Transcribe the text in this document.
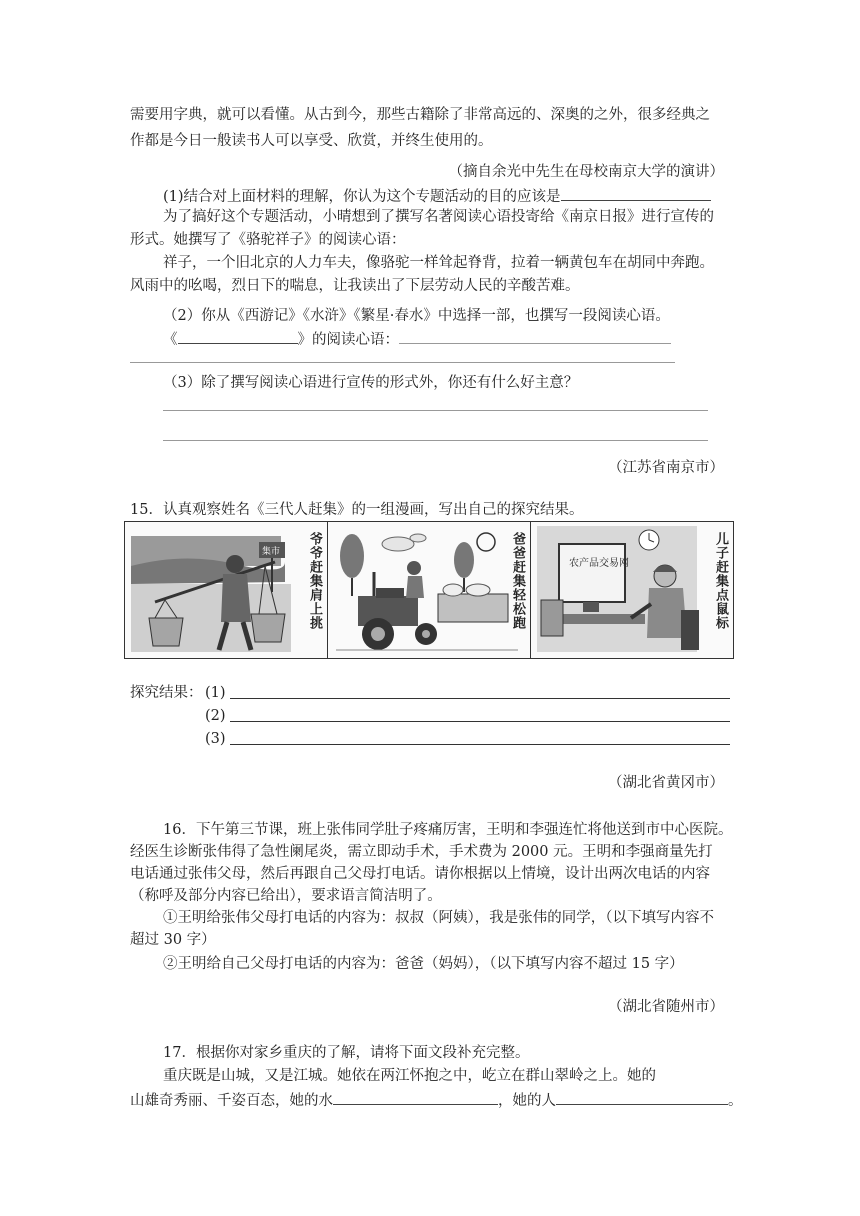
需要用字典，就可以看懂。从古到今，那些古籍除了非常高远的、深奥的之外，很多经典之
作都是今日一般读书人可以享受、欣赏，并终生使用的。
（摘自余光中先生在母校南京大学的演讲）
(1)结合对上面材料的理解，你认为这个专题活动的目的应该是
为了搞好这个专题活动，小晴想到了撰写名著阅读心语投寄给《南京日报》进行宣传的
形式。她撰写了《骆驼祥子》的阅读心语：
祥子，一个旧北京的人力车夫，像骆驼一样耸起脊背，拉着一辆黄包车在胡同中奔跑。
风雨中的吆喝，烈日下的喘息，让我读出了下层劳动人民的辛酸苦难。
（2）你从《西游记》《水浒》《繁星·春水》中选择一部，也撰写一段阅读心语。
《	》的阅读心语：
（3）除了撰写阅读心语进行宣传的形式外，你还有什么好主意？
（江苏省南京市）
15．认真观察姓名《三代人赶集》的一组漫画，写出自己的探究结果。
集市 爷爷赶集肩上挑	爸爸赶集轻松跑	农产品交易网	儿子赶集点鼠标
探究结果： (1)
(2)
(3)
（湖北省黄冈市）
16．下午第三节课，班上张伟同学肚子疼痛厉害，王明和李强连忙将他送到市中心医院。
经医生诊断张伟得了急性阑尾炎，需立即动手术，手术费为 2000 元。王明和李强商量先打
电话通过张伟父母，然后再跟自己父母打电话。请你根据以上情境，设计出两次电话的内容
（称呼及部分内容已给出），要求语言简洁明了。
①王明给张伟父母打电话的内容为：叔叔（阿姨），我是张伟的同学，（以下填写内容不
超过 30 字）
②王明给自己父母打电话的内容为：爸爸（妈妈），（以下填写内容不超过 15 字）
（湖北省随州市）
17．根据你对家乡重庆的了解，请将下面文段补充完整。
重庆既是山城，又是江城。她依在两江怀抱之中，屹立在群山翠岭之上。她的
山雄奇秀丽、千姿百态，她的水	，她的人	。
